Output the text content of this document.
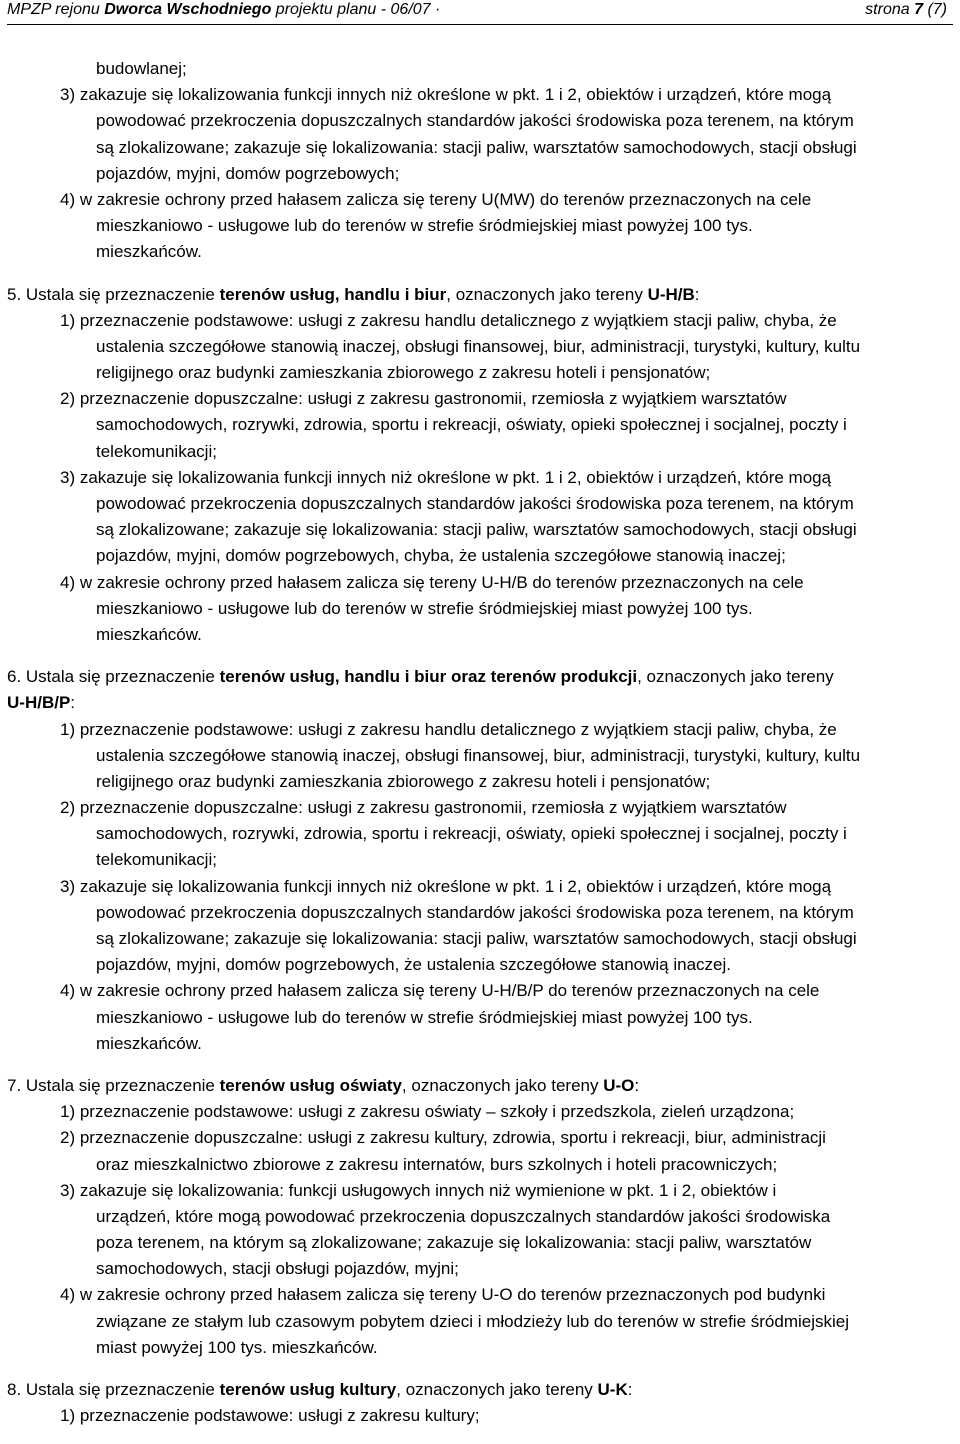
MPZP rejonu Dworca Wschodniego projektu planu - 06/07 ·	strona 7 (7)
budowlanej;
3) zakazuje się lokalizowania funkcji innych niż określone w pkt. 1 i 2, obiektów i urządzeń, które mogą
powodować przekroczenia dopuszczalnych standardów jakości środowiska poza terenem, na którym
są zlokalizowane; zakazuje się lokalizowania: stacji paliw, warsztatów samochodowych, stacji obsługi
pojazdów, myjni, domów pogrzebowych;
4) w zakresie ochrony przed hałasem zalicza się tereny U(MW) do terenów przeznaczonych na cele
mieszkaniowo - usługowe lub do terenów w strefie śródmiejskiej miast powyżej 100 tys.
mieszkańców.
5. Ustala się przeznaczenie terenów usług, handlu i biur, oznaczonych jako tereny U-H/B:
1) przeznaczenie podstawowe: usługi z zakresu handlu detalicznego z wyjątkiem stacji paliw, chyba, że
ustalenia szczegółowe stanowią inaczej, obsługi finansowej, biur, administracji, turystyki, kultury, kultu
religijnego oraz budynki zamieszkania zbiorowego z zakresu hoteli i pensjonatów;
2) przeznaczenie dopuszczalne: usługi z zakresu gastronomii, rzemiosła z wyjątkiem warsztatów
samochodowych, rozrywki, zdrowia, sportu i rekreacji, oświaty, opieki społecznej i socjalnej, poczty i
telekomunikacji;
3) zakazuje się lokalizowania funkcji innych niż określone w pkt. 1 i 2, obiektów i urządzeń, które mogą
powodować przekroczenia dopuszczalnych standardów jakości środowiska poza terenem, na którym
są zlokalizowane; zakazuje się lokalizowania: stacji paliw, warsztatów samochodowych, stacji obsługi
pojazdów, myjni, domów pogrzebowych, chyba, że ustalenia szczegółowe stanowią inaczej;
4) w zakresie ochrony przed hałasem zalicza się tereny U-H/B do terenów przeznaczonych na cele
mieszkaniowo - usługowe lub do terenów w strefie śródmiejskiej miast powyżej 100 tys.
mieszkańców.
6. Ustala się przeznaczenie terenów usług, handlu i biur oraz terenów produkcji, oznaczonych jako tereny
U-H/B/P:
1) przeznaczenie podstawowe: usługi z zakresu handlu detalicznego z wyjątkiem stacji paliw, chyba, że
ustalenia szczegółowe stanowią inaczej, obsługi finansowej, biur, administracji, turystyki, kultury, kultu
religijnego oraz budynki zamieszkania zbiorowego z zakresu hoteli i pensjonatów;
2) przeznaczenie dopuszczalne: usługi z zakresu gastronomii, rzemiosła z wyjątkiem warsztatów
samochodowych, rozrywki, zdrowia, sportu i rekreacji, oświaty, opieki społecznej i socjalnej, poczty i
telekomunikacji;
3) zakazuje się lokalizowania funkcji innych niż określone w pkt. 1 i 2, obiektów i urządzeń, które mogą
powodować przekroczenia dopuszczalnych standardów jakości środowiska poza terenem, na którym
są zlokalizowane; zakazuje się lokalizowania: stacji paliw, warsztatów samochodowych, stacji obsługi
pojazdów, myjni, domów pogrzebowych, że ustalenia szczegółowe stanowią inaczej.
4) w zakresie ochrony przed hałasem zalicza się tereny U-H/B/P do terenów przeznaczonych na cele
mieszkaniowo - usługowe lub do terenów w strefie śródmiejskiej miast powyżej 100 tys.
mieszkańców.
7. Ustala się przeznaczenie terenów usług oświaty, oznaczonych jako tereny U-O:
1) przeznaczenie podstawowe: usługi z zakresu oświaty – szkoły i przedszkola, zieleń urządzona;
2) przeznaczenie dopuszczalne: usługi z zakresu kultury, zdrowia, sportu i rekreacji, biur, administracji
oraz mieszkalnictwo zbiorowe z zakresu internatów, burs szkolnych i hoteli pracowniczych;
3) zakazuje się lokalizowania: funkcji usługowych innych niż wymienione w pkt. 1 i 2, obiektów i
urządzeń, które mogą powodować przekroczenia dopuszczalnych standardów jakości środowiska
poza terenem, na którym są zlokalizowane; zakazuje się lokalizowania: stacji paliw, warsztatów
samochodowych, stacji obsługi pojazdów, myjni;
4) w zakresie ochrony przed hałasem zalicza się tereny U-O do terenów przeznaczonych pod budynki
związane ze stałym lub czasowym pobytem dzieci i młodzieży lub do terenów w strefie śródmiejskiej
miast powyżej 100 tys. mieszkańców.
8. Ustala się przeznaczenie terenów usług kultury, oznaczonych jako tereny U-K:
1) przeznaczenie podstawowe: usługi z zakresu kultury;
